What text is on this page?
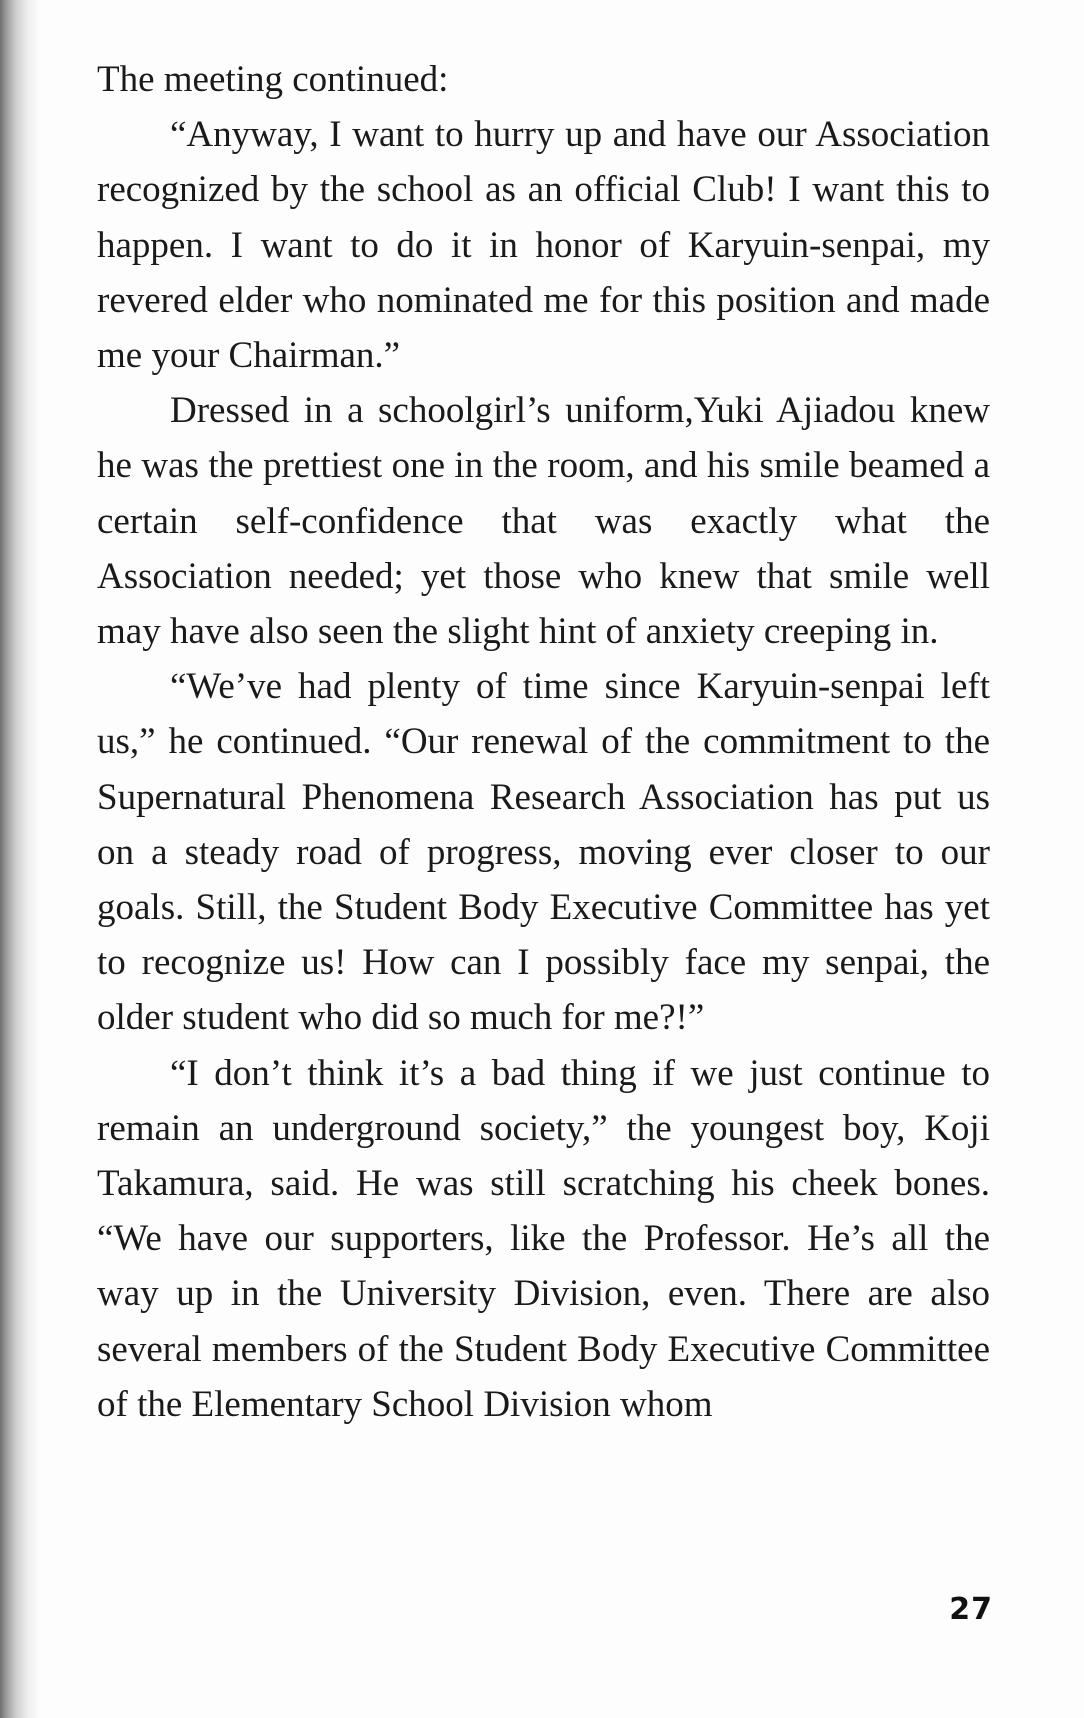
The meeting continued:

“Anyway, I want to hurry up and have our Association recognized by the school as an official Club! I want this to happen. I want to do it in honor of Karyuin-senpai, my revered elder who nominated me for this position and made me your Chairman.”

Dressed in a schoolgirl’s uniform,Yuki Ajiadou knew he was the prettiest one in the room, and his smile beamed a certain self-confidence that was exactly what the Association needed; yet those who knew that smile well may have also seen the slight hint of anxiety creeping in.

“We’ve had plenty of time since Karyuin-senpai left us,” he continued. “Our renewal of the commitment to the Supernatural Phenomena Research Association has put us on a steady road of progress, moving ever closer to our goals. Still, the Student Body Executive Committee has yet to recognize us! How can I possibly face my senpai, the older student who did so much for me?!”

“I don’t think it’s a bad thing if we just continue to remain an underground society,” the youngest boy, Koji Takamura, said. He was still scratching his cheek bones. “We have our supporters, like the Professor. He’s all the way up in the University Division, even. There are also several members of the Student Body Executive Committee of the Elementary School Division whom

27
